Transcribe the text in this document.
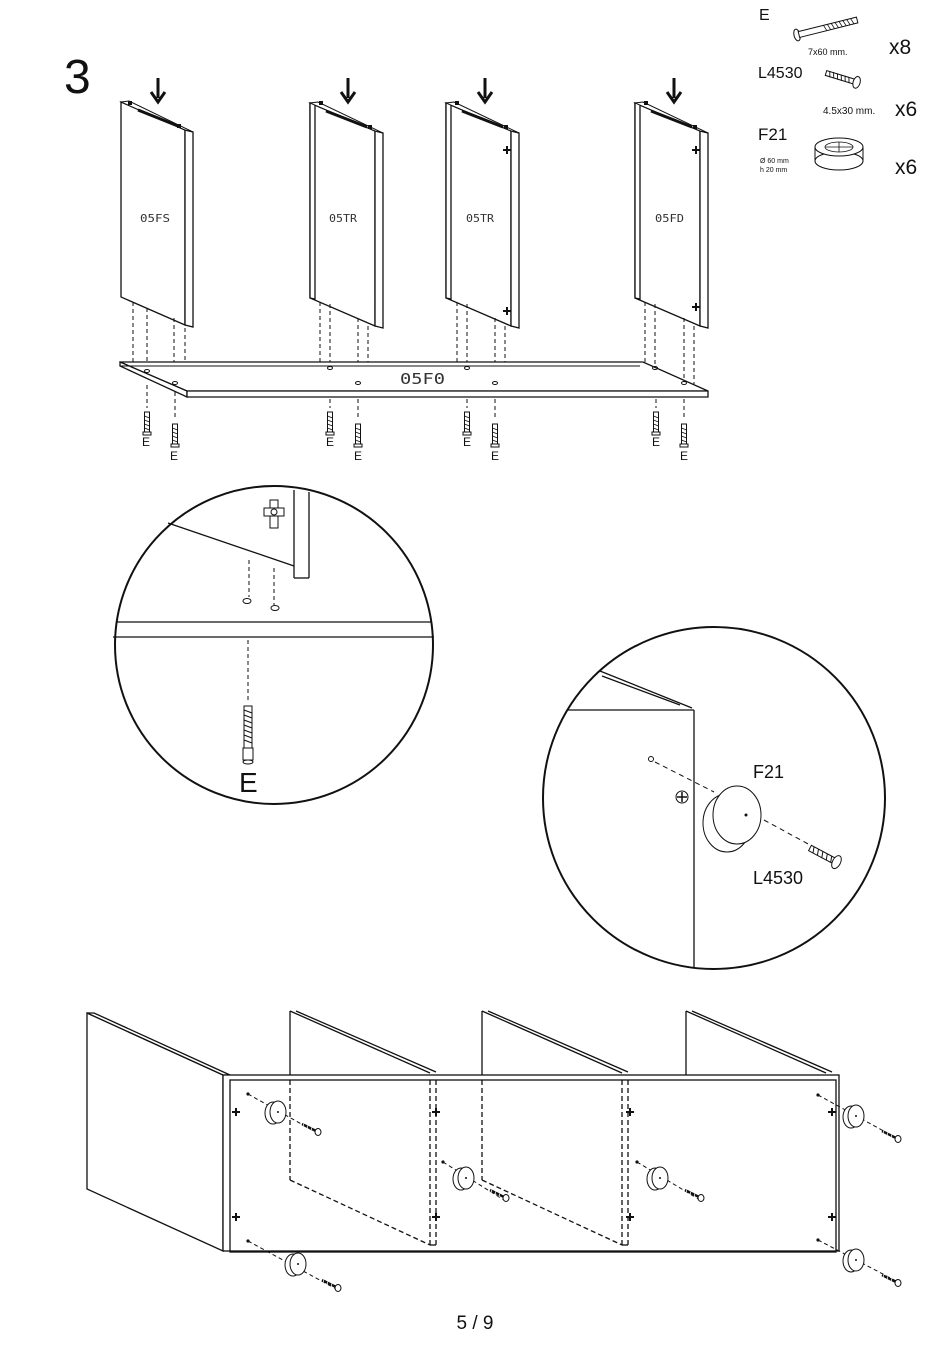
3
E
7x60 mm. x8
L4530
4.5x30 mm. x6
F21
Ø 60 mm
h 20 mm	x6
05FS	05TR	05TR	05FD
05F0
E
E
E
E
E
E
E
E
E	F21
L4530
5 / 9
